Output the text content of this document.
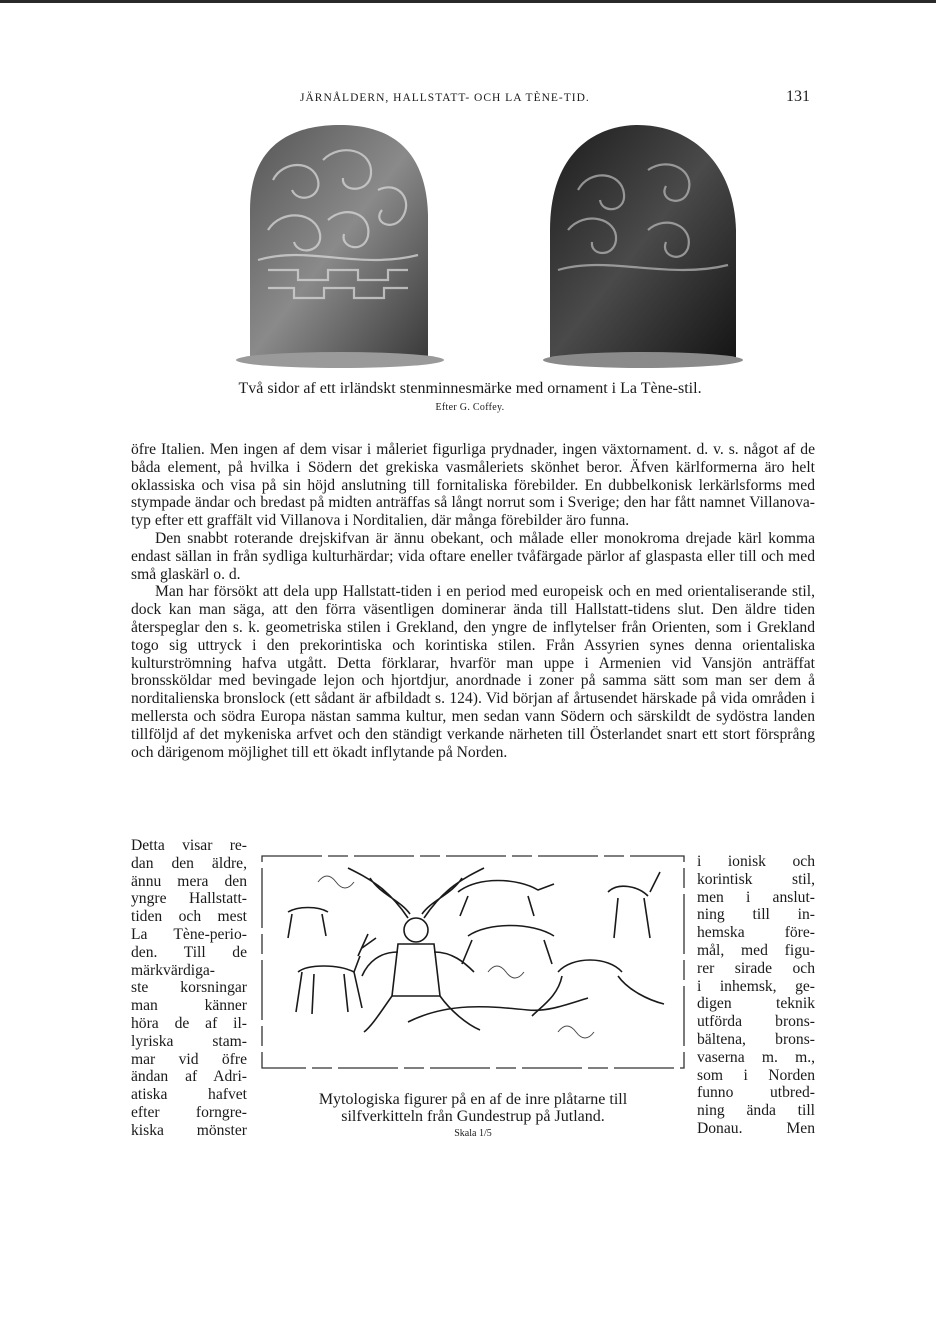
JÄRNÅLDERN, HALLSTATT- OCH LA TÈNE-TID.	131
Två sidor af ett irländskt stenminnesmärke med ornament i La Tène-stil.
Efter G. Coffey.

öfre Italien. Men ingen af dem visar i måleriet figurliga prydnader, ingen växtornament. d. v. s. något af de båda element, på hvilka i Södern det grekiska vasmåleriets skönhet beror. Äfven kärlformerna äro helt oklassiska och visa på sin höjd anslutning till fornitaliska förebilder. En dubbelkonisk lerkärlsforms med stympade ändar och bredast på midten anträffas så långt norrut som i Sverige; den har fått namnet Villanova-typ efter ett graffält vid Villanova i Norditalien, där många förebilder äro funna.

Den snabbt roterande drejskifvan är ännu obekant, och målade eller monokroma drejade kärl komma endast sällan in från sydliga kulturhärdar; vida oftare eneller tvåfärgade pärlor af glaspasta eller till och med små glaskärl o. d.

Man har försökt att dela upp Hallstatt-tiden i en period med europeisk och en med orientaliserande stil, dock kan man säga, att den förra väsentligen dominerar ända till Hallstatt-tidens slut. Den äldre tiden återspeglar den s. k. geometriska stilen i Grekland, den yngre de inflytelser från Orienten, som i Grekland togo sig uttryck i den prekorintiska och korintiska stilen. Från Assyrien synes denna orientaliska kulturströmning hafva utgått. Detta förklarar, hvarför man uppe i Armenien vid Vansjön anträffat bronssköldar med bevingade lejon och hjortdjur, anordnade i zoner på samma sätt som man ser dem å norditalienska bronslock (ett sådant är afbildadt s. 124). Vid början af årtusendet härskade på vida områden i mellersta och södra Europa nästan samma kultur, men sedan vann Södern och särskildt de sydöstra landen tillföljd af det mykeniska arfvet och den ständigt verkande närheten till Österlandet snart ett stort försprång och därigenom möjlighet till ett ökadt inflytande på Norden.

Detta visar re-
dan den äldre,
ännu mera den
yngre Hallstatt-
tiden och mest
La Tène-perio-
den. Till de
märkvärdiga-
ste korsningar
man känner
höra de af il-
lyriska stam-
mar vid öfre
ändan af Adri-
atiska hafvet
efter forngre-
kiska mönster
Mytologiska figurer på en af de inre plåtarne till
silfverkitteln från Gundestrup på Jutland.
Skala 1/5
i ionisk och
korintisk stil,
men i anslut-
ning till in-
hemska före-
mål, med figu-
rer sirade och
i inhemsk, ge-
digen teknik
utförda brons-
bältena, brons-
vaserna m. m.,
som i Norden
funno utbred-
ning ända till
Donau. Men
